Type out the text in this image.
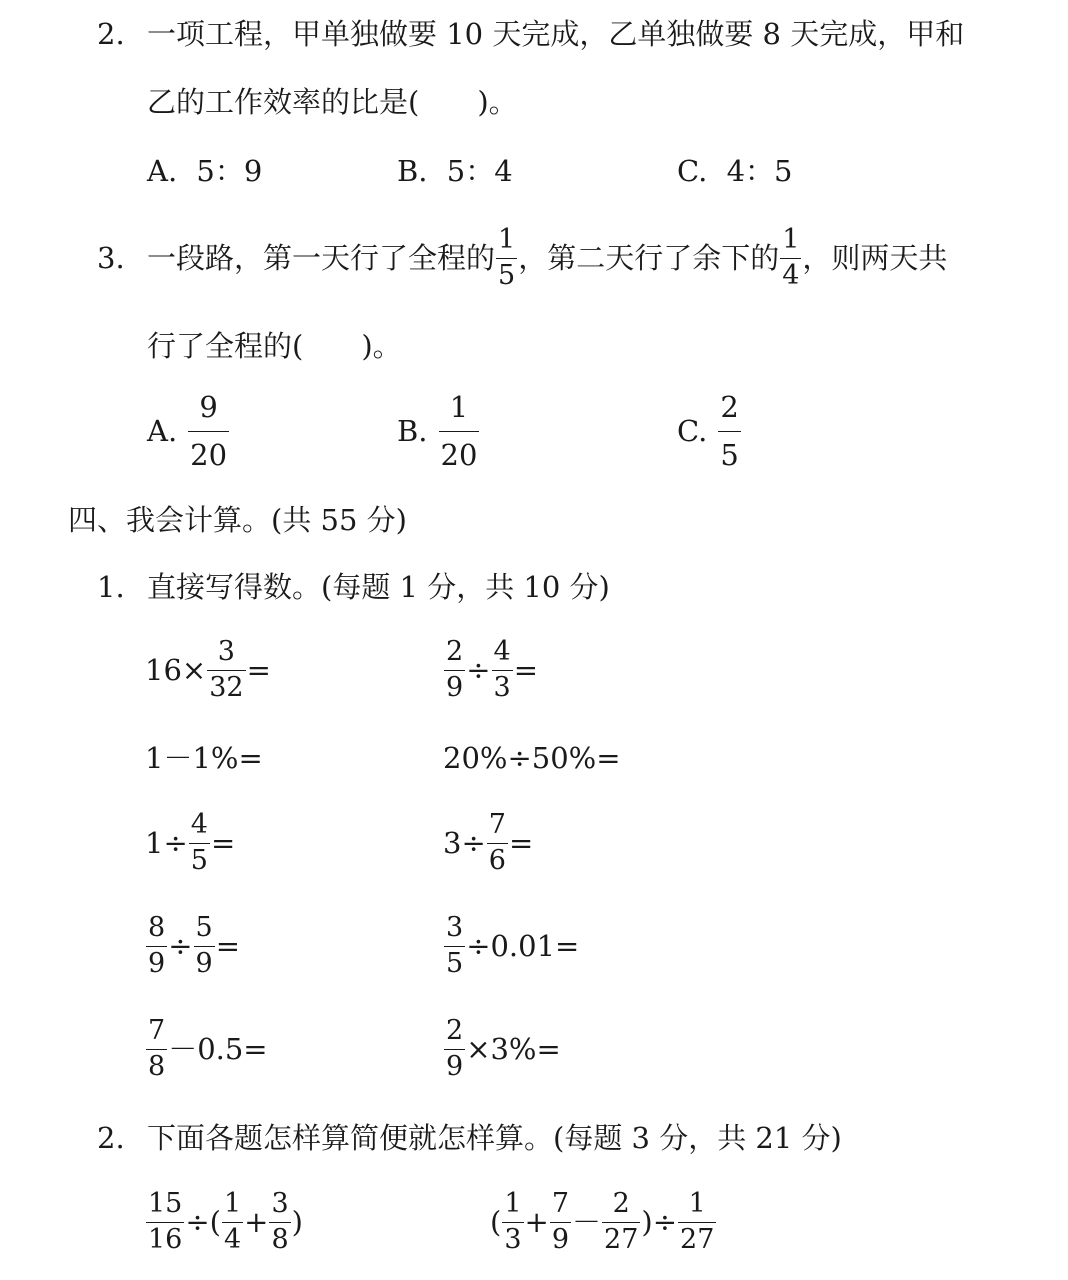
2. 一项工程，甲单独做要 10 天完成，乙单独做要 8 天完成，甲和
乙的工作效率的比是(　　)。
A. 5：9	B. 5：4	C. 4：5
3. 一段路，第一天行了全程的 $\frac{1}{5}$ ，第二天行了余下的 $\frac{1}{4}$ ，则两天共
行了全程的(　　)。
A. $\frac{9}{20}$	B. $\frac{1}{20}$	C. $\frac{2}{5}$
四、我会计算。(共 55 分)
1. 直接写得数。(每题 1 分，共 10 分)
$16\times \frac{3}{32}$ =	$\frac{2}{9} \div \frac{4}{3}$ =
1－1%=	20%÷50%=
$1\div \frac{4}{5}$ =	$3\div \frac{7}{6}$ =
$\frac{8}{9} \div \frac{5}{9}$ =	$\frac{3}{5} \div 0.01=$
$\frac{7}{8} -0.5=$	$\frac{2}{9} \times 3\%=$
2. 下面各题怎样算简便就怎样算。(每题 3 分，共 21 分)
$\frac{15}{16}$ ÷( $\frac{1}{4} + \frac{3}{8}$ )	( $\frac{1}{3} + \frac{7}{9} - \frac{2}{27}$ )÷ $\frac{1}{27}$
